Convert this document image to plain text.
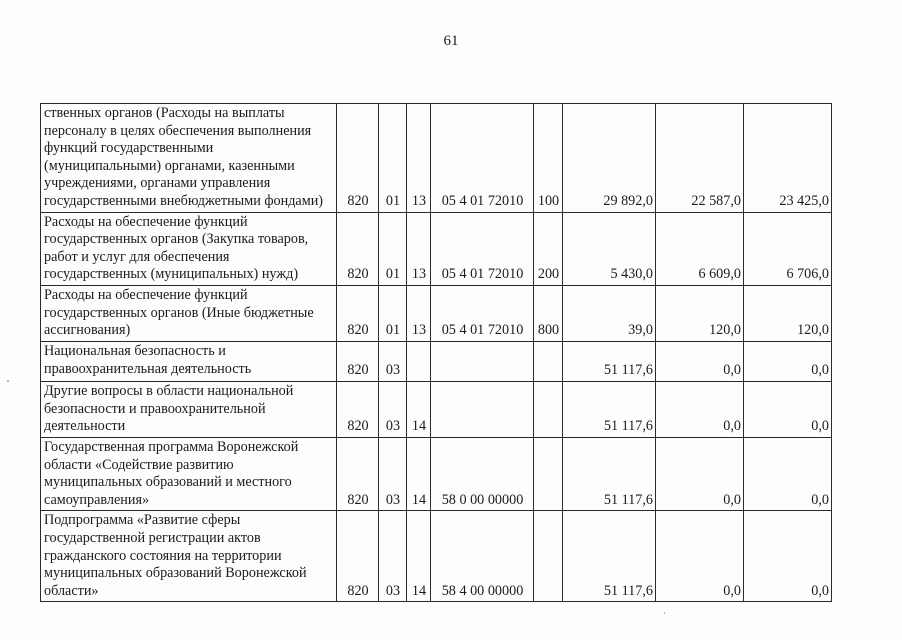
61
ственных органов (Расходы на выплаты персоналу в целях обеспечения выполнения функций государственными (муниципальными) органами, казенными учреждениями, органами управления государственными внебюджетными фондами)	820	01	13	05 4 01 72010	100	29 892,0	22 587,0	23 425,0
Расходы на обеспечение функций государственных органов (Закупка товаров, работ и услуг для обеспечения государственных (муниципальных) нужд)	820	01	13	05 4 01 72010	200	5 430,0	6 609,0	6 706,0
Расходы на обеспечение функций государственных органов (Иные бюджетные ассигнования)	820	01	13	05 4 01 72010	800	39,0	120,0	120,0
Национальная безопасность и правоохранительная деятельность	820	03				51 117,6	0,0	0,0
Другие вопросы в области национальной безопасности и правоохранительной деятельности	820	03	14			51 117,6	0,0	0,0
Государственная программа Воронежской области «Содействие развитию муниципальных образований и местного самоуправления»	820	03	14	58 0 00 00000		51 117,6	0,0	0,0
Подпрограмма «Развитие сферы государственной регистрации актов гражданского состояния на территории муниципальных образований Воронежской области»	820	03	14	58 4 00 00000		51 117,6	0,0	0,0
